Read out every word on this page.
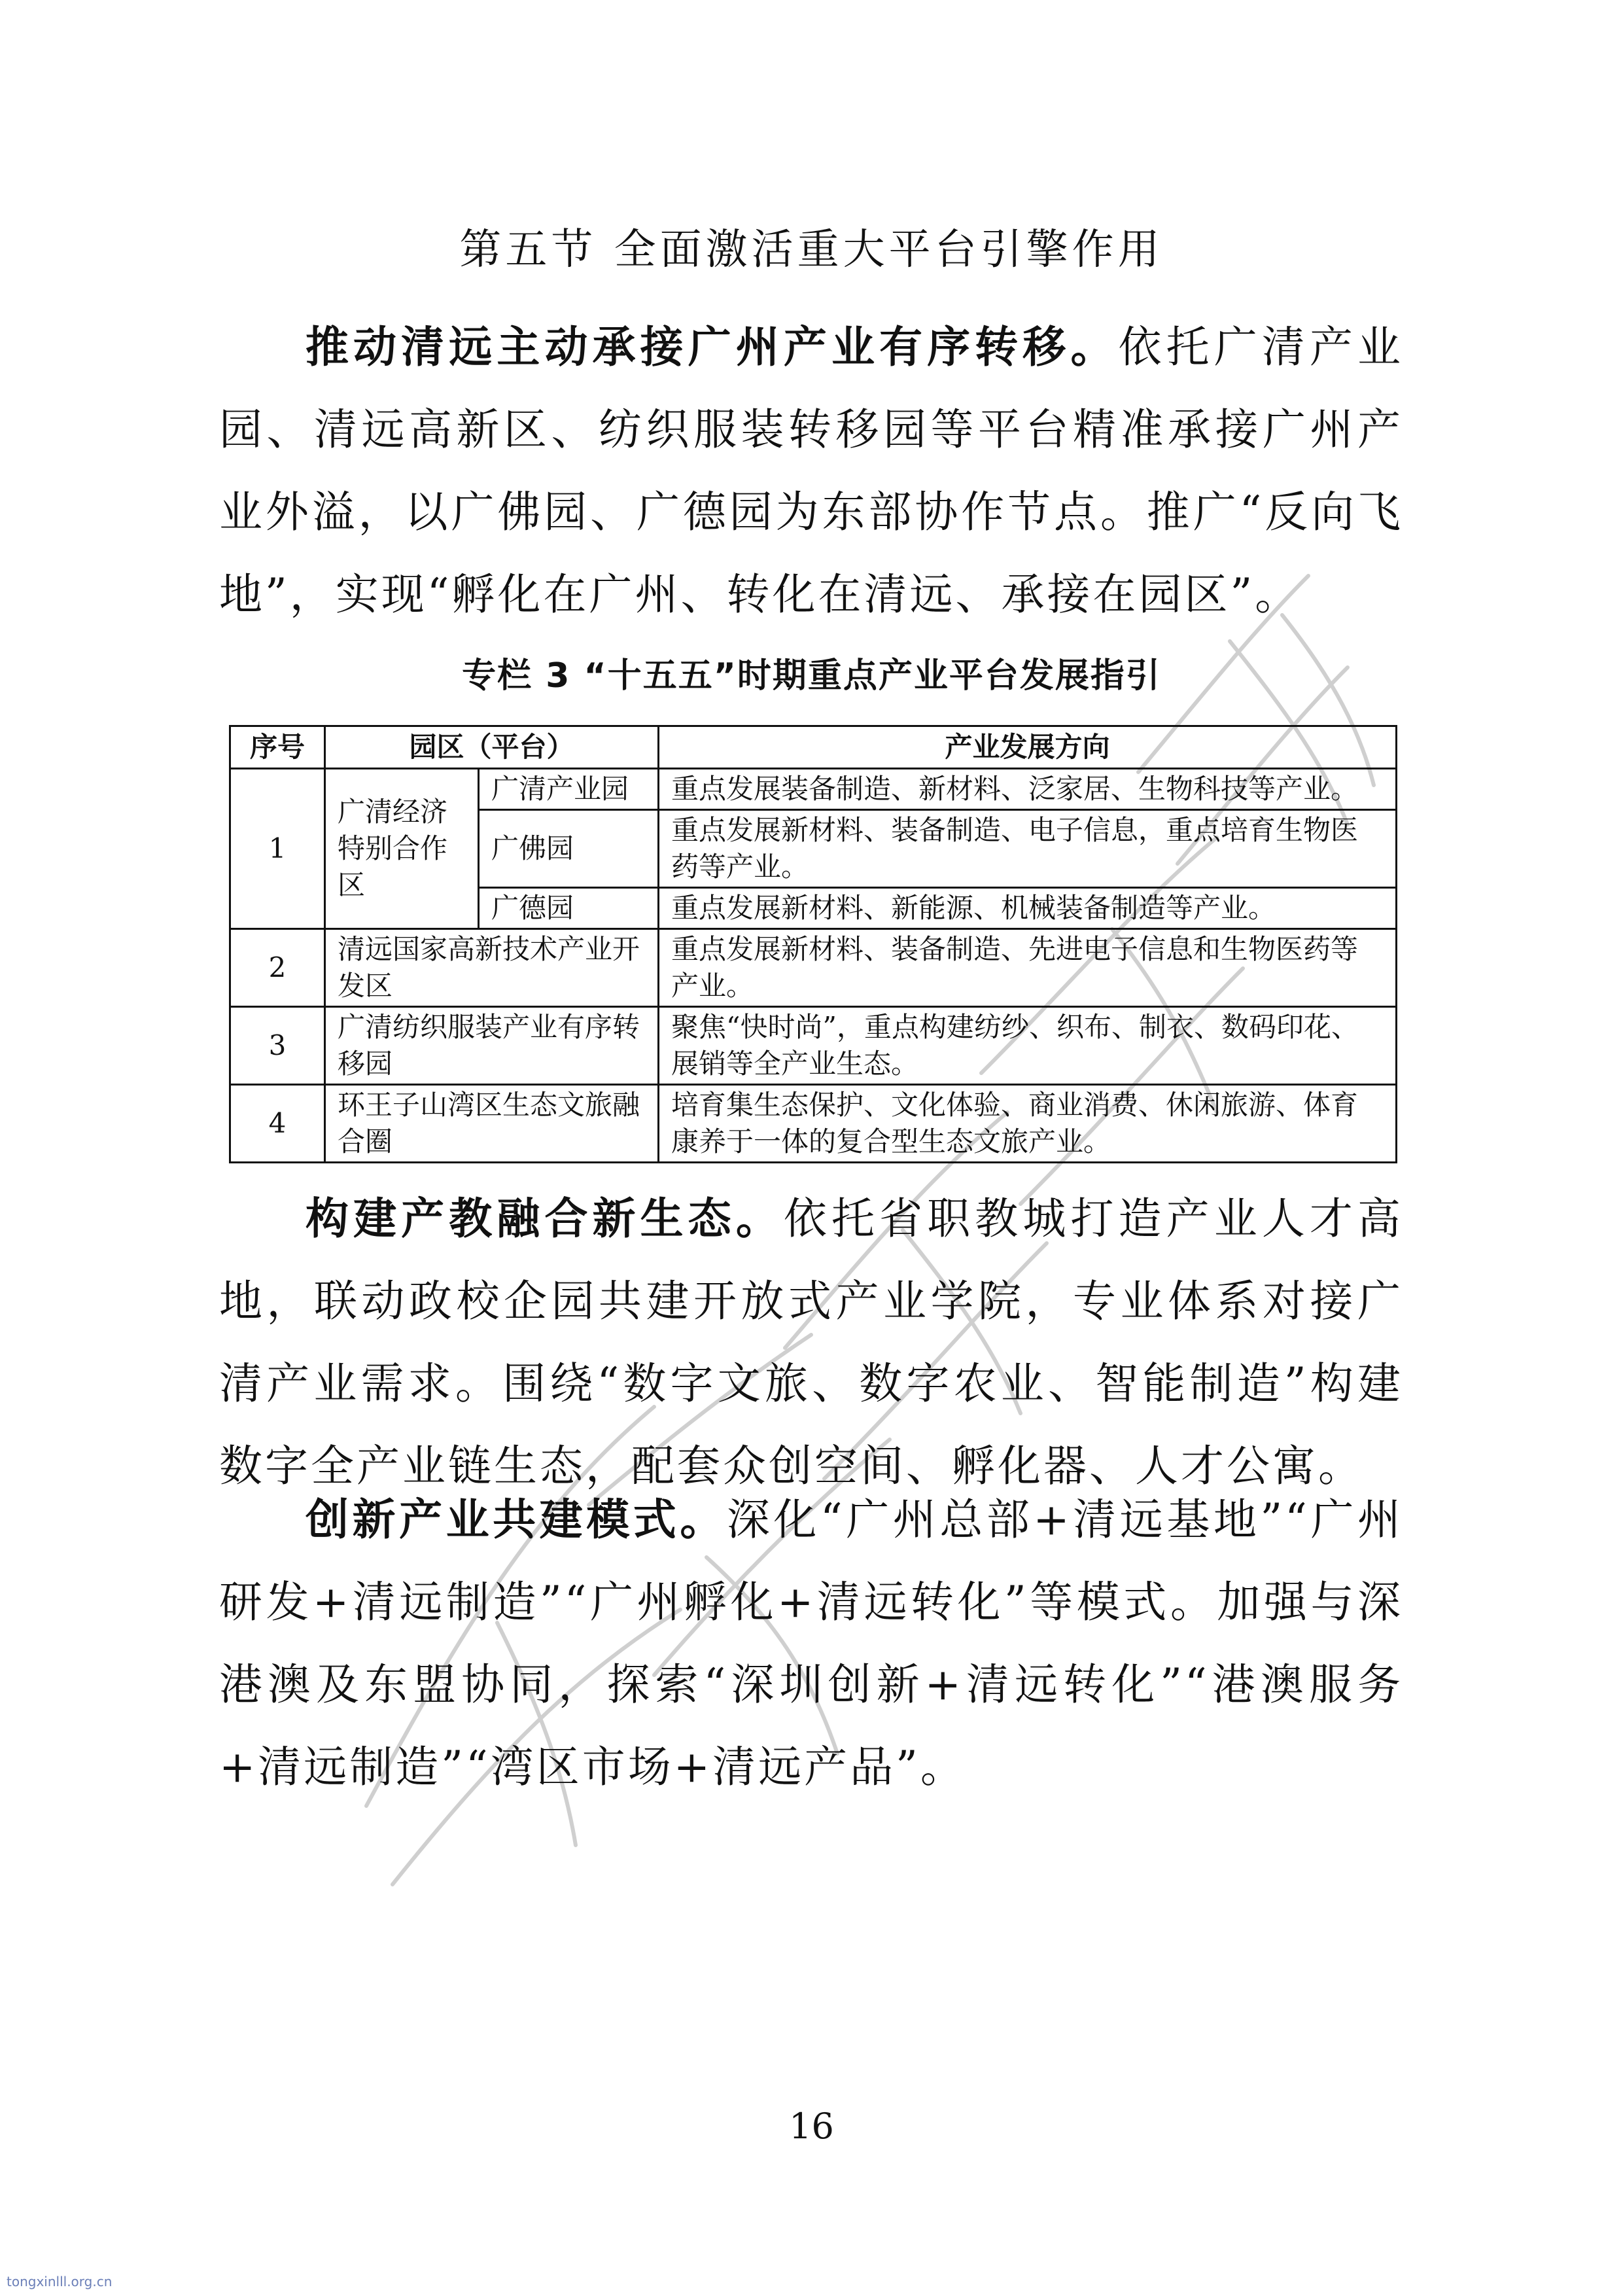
第五节 全面激活重大平台引擎作用

推动清远主动承接广州产业有序转移。依托广清产业园、清远高新区、纺织服装转移园等平台精准承接广州产业外溢，以广佛园、广德园为东部协作节点。推广“反向飞地”，实现“孵化在广州、转化在清远、承接在园区”。

专栏 3 “十五五”时期重点产业平台发展指引
序号	园区（平台）		产业发展方向
1	广清经济特别合作区	广清产业园	重点发展装备制造、新材料、泛家居、生物科技等产业。
		广佛园	重点发展新材料、装备制造、电子信息，重点培育生物医药等产业。
		广德园	重点发展新材料、新能源、机械装备制造等产业。
2	清远国家高新技术产业开发区		重点发展新材料、装备制造、先进电子信息和生物医药等产业。
3	广清纺织服装产业有序转移园		聚焦“快时尚”，重点构建纺纱、织布、制衣、数码印花、展销等全产业生态。
4	环王子山湾区生态文旅融合圈		培育集生态保护、文化体验、商业消费、休闲旅游、体育康养于一体的复合型生态文旅产业。

构建产教融合新生态。依托省职教城打造产业人才高地，联动政校企园共建开放式产业学院，专业体系对接广清产业需求。围绕“数字文旅、数字农业、智能制造”构建数字全产业链生态，配套众创空间、孵化器、人才公寓。

创新产业共建模式。深化“广州总部+清远基地”“广州研发+清远制造”“广州孵化+清远转化”等模式。加强与深港澳及东盟协同，探索“深圳创新+清远转化”“港澳服务+清远制造”“湾区市场+清远产品”。

16
tongxinlll.org.cn
